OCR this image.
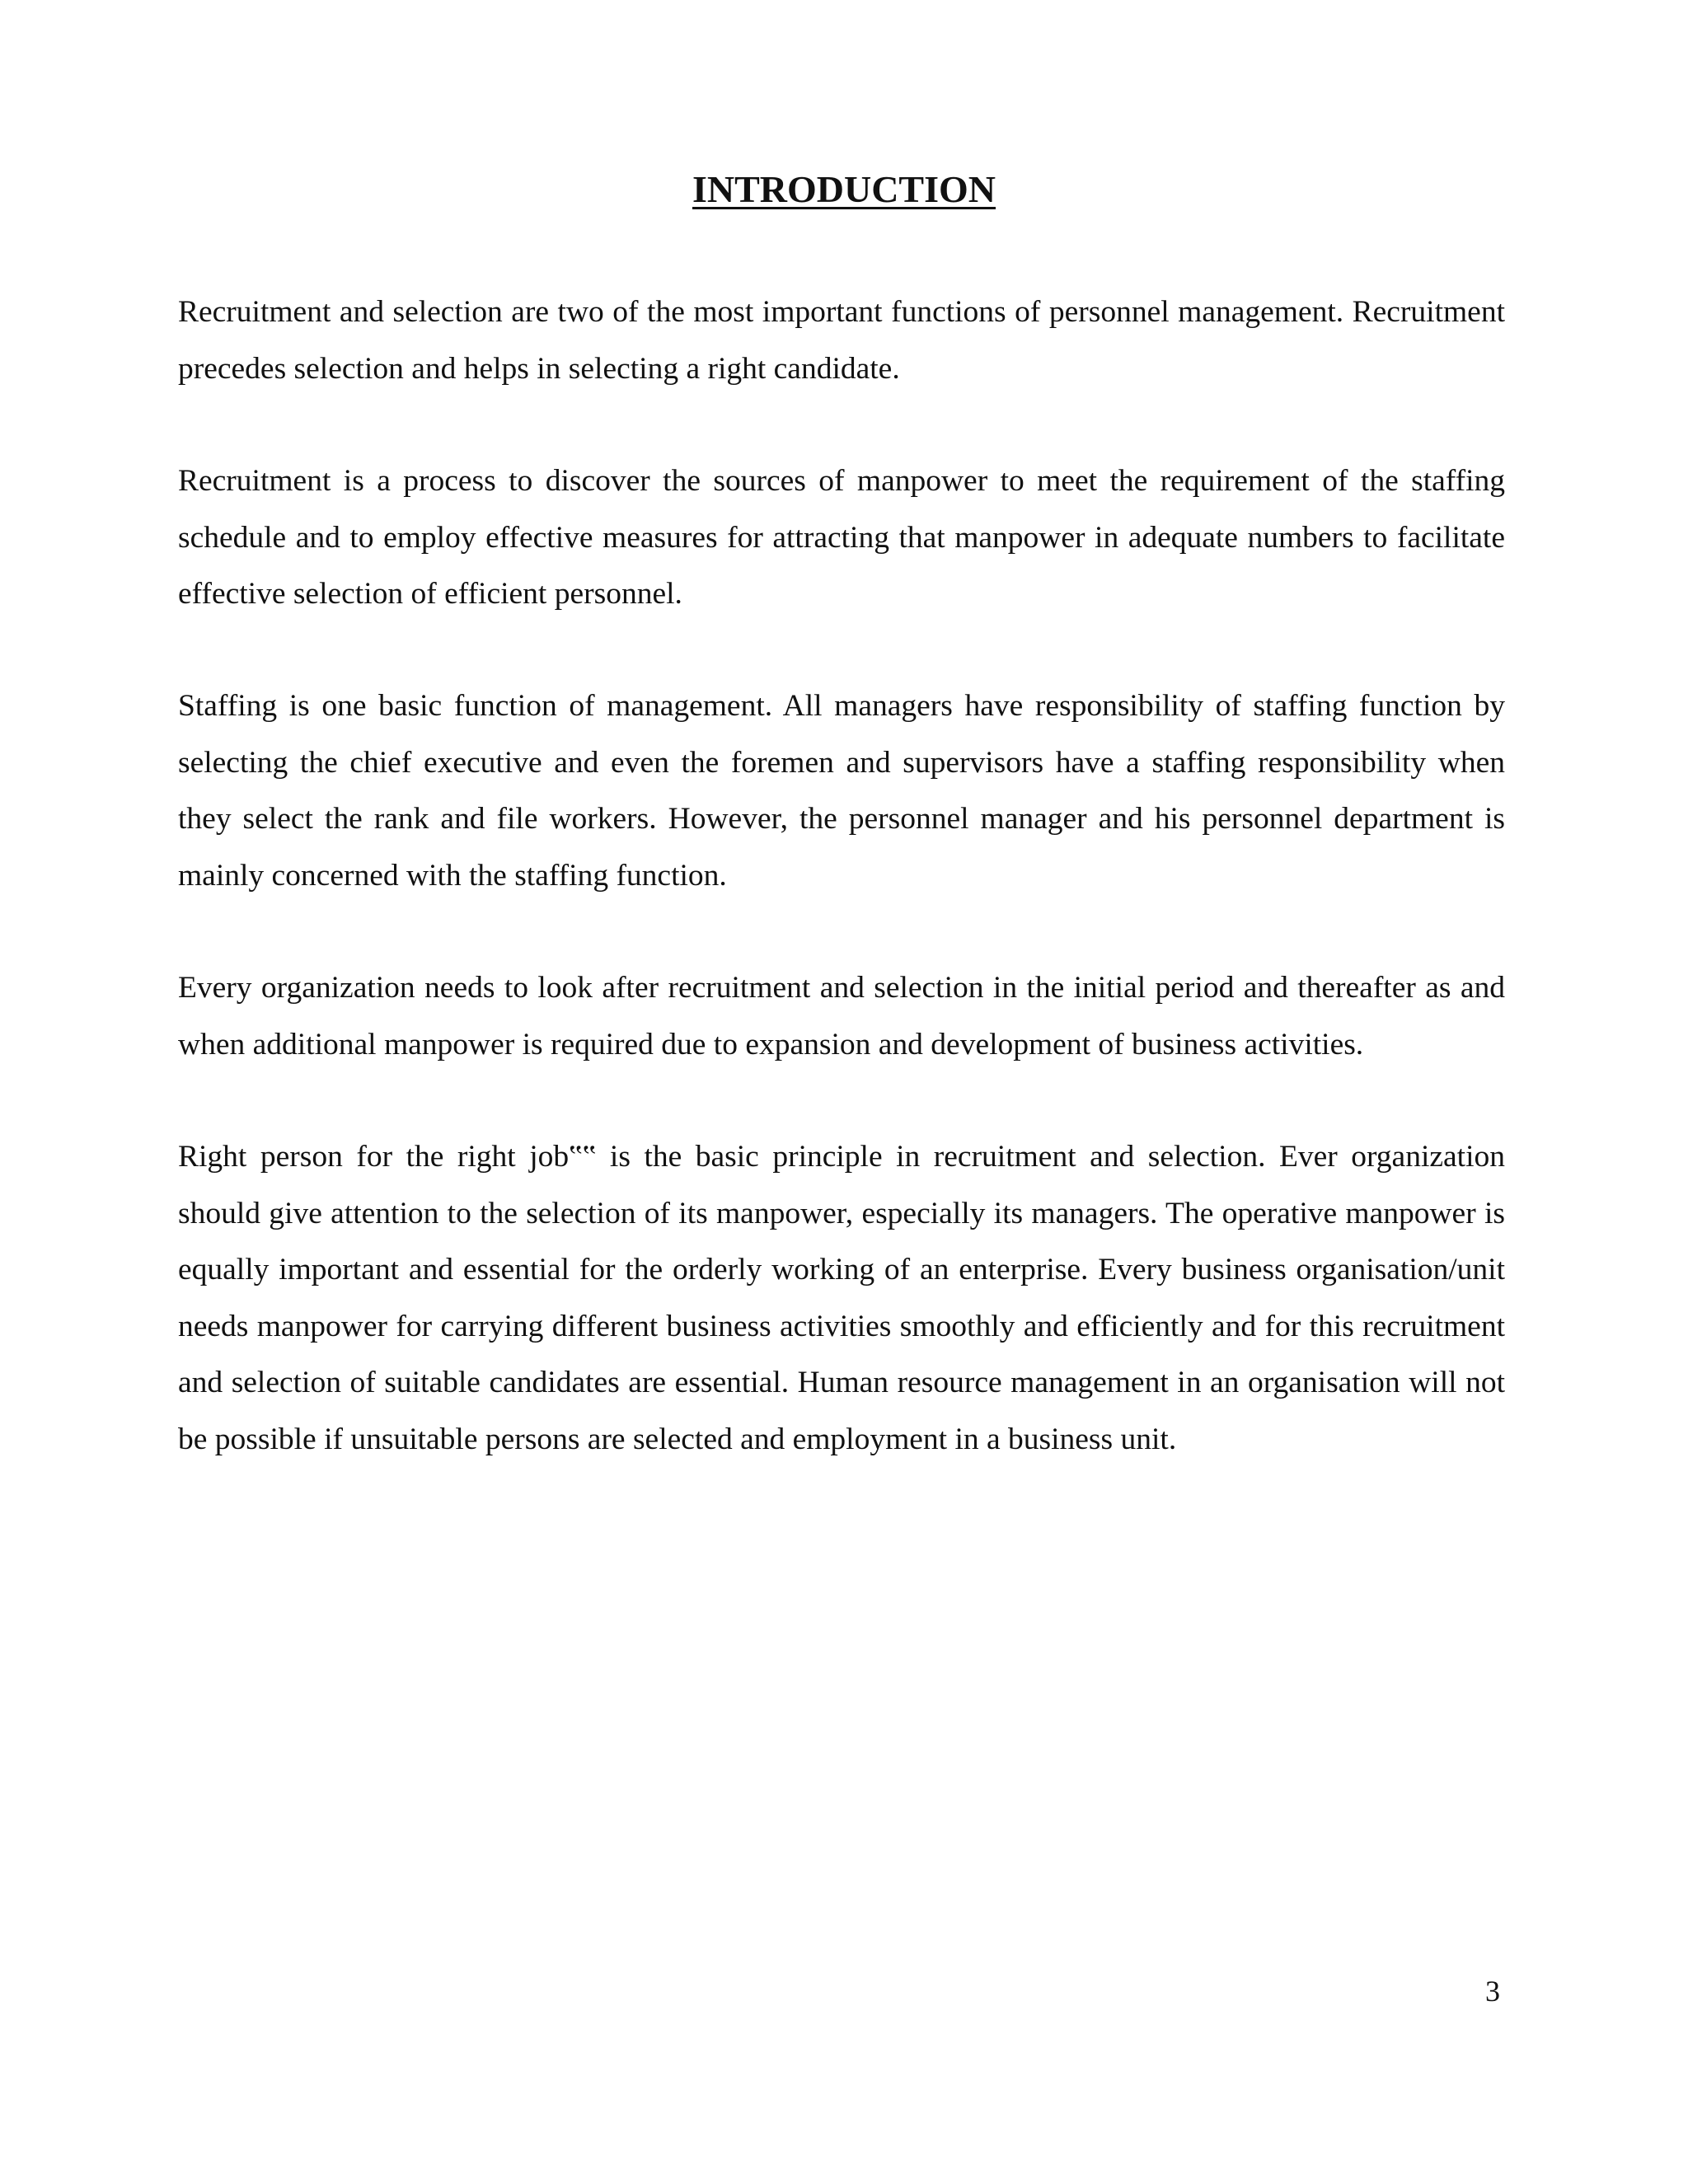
INTRODUCTION

Recruitment and selection are two of the most important functions of personnel management. Recruitment precedes selection and helps in selecting a right candidate.

Recruitment is a process to discover the sources of manpower to meet the requirement of the staffing schedule and to employ effective measures for attracting that manpower in adequate numbers to facilitate effective selection of efficient personnel.

Staffing is one basic function of management. All managers have responsibility of staffing function by selecting the chief executive and even the foremen and supervisors have a staffing responsibility when they select the rank and file workers. However, the personnel manager and his personnel department is mainly concerned with the staffing function.

Every organization needs to look after recruitment and selection in the initial period and thereafter as and when additional manpower is required due to expansion and development of business activities.

Right person for the right job‟‟ is the basic principle in recruitment and selection. Ever organization should give attention to the selection of its manpower, especially its managers. The operative manpower is equally important and essential for the orderly working of an enterprise. Every business organisation/unit needs manpower for carrying different business activities smoothly and efficiently and for this recruitment and selection of suitable candidates are essential. Human resource management in an organisation will not be possible if unsuitable persons are selected and employment in a business unit.

3
